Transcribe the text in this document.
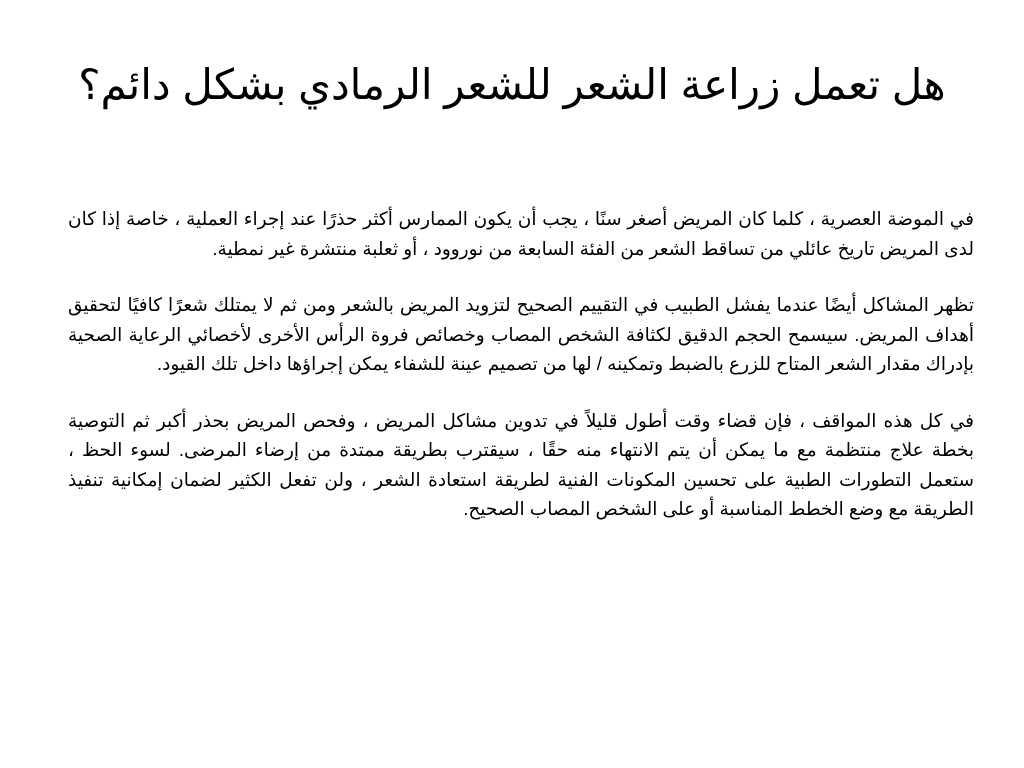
هل تعمل زراعة الشعر للشعر الرمادي بشكل دائم؟

في الموضة العصرية ، كلما كان المريض أصغر سنًا ، يجب أن يكون الممارس أكثر حذرًا عند إجراء العملية ، خاصة إذا كان لدى المريض تاريخ عائلي من تساقط الشعر من الفئة السابعة من نوروود ، أو ثعلبة منتشرة غير نمطية.

تظهر المشاكل أيضًا عندما يفشل الطبيب في التقييم الصحيح لتزويد المريض بالشعر ومن ثم لا يمتلك شعرًا كافيًا لتحقيق أهداف المريض. سيسمح الحجم الدقيق لكثافة الشخص المصاب وخصائص فروة الرأس الأخرى لأخصائي الرعاية الصحية بإدراك مقدار الشعر المتاح للزرع بالضبط وتمكينه / لها من تصميم عينة للشفاء يمكن إجراؤها داخل تلك القيود.

في كل هذه المواقف ، فإن قضاء وقت أطول قليلاً في تدوين مشاكل المريض ، وفحص المريض بحذر أكبر ثم التوصية بخطة علاج منتظمة مع ما يمكن أن يتم الانتهاء منه حقًا ، سيقترب بطريقة ممتدة من إرضاء المرضى. لسوء الحظ ، ستعمل التطورات الطبية على تحسين المكونات الفنية لطريقة استعادة الشعر ، ولن تفعل الكثير لضمان إمكانية تنفيذ الطريقة مع وضع الخطط المناسبة أو على الشخص المصاب الصحيح.
